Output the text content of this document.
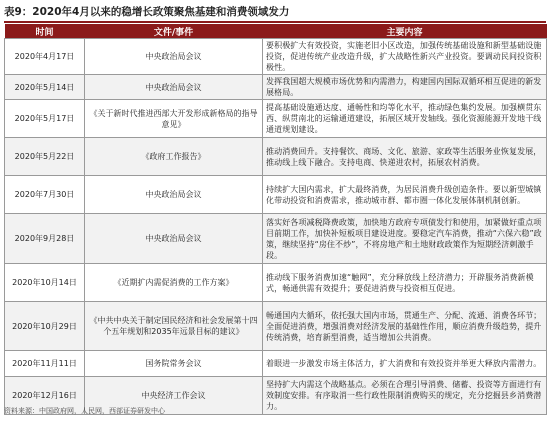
表9：2020年4月以来的稳增长政策聚焦基建和消费领域发力
时间	文件/事件	主要内容
2020年4月17日	中央政治局会议	要积极扩大有效投资，实施老旧小区改造，加强传统基础设施和新型基础设施投资，促进传统产业改造升级，扩大战略性新兴产业投资。要调动民间投资积极性。
2020年5月14日	中央政治局会议	发挥我国超大规模市场优势和内需潜力，构建国内国际双循环相互促进的新发展格局。
2020年5月17日	《关于新时代推进西部大开发形成新格局的指导意见》	提高基础设施通达度、通畅性和均等化水平，推动绿色集约发展。加强横贯东西、纵贯南北的运输通道建设，拓展区域开发轴线。强化资源能源开发地干线通道规划建设。
2020年5月22日	《政府工作报告》	推动消费回升。支持餐饮、商场、文化、旅游、家政等生活服务业恢复发展，推动线上线下融合。支持电商、快递进农村，拓展农村消费。
2020年7月30日	中央政治局会议	持续扩大国内需求，扩大最终消费，为居民消费升级创造条件。要以新型城镇化带动投资和消费需求，推动城市群、都市圈一体化发展体制机制创新。
2020年9月28日	中央政治局会议	落实好各项减税降费政策，加快地方政府专项债发行和使用，加紧做好重点项目前期工作，加快补短板项目建设进度。要稳定汽车消费，推动“六保六稳”政策，继续坚持“房住不炒”，不将房地产和土地财政政策作为短期经济刺激手段。
2020年10月14日	《近期扩内需促消费的工作方案》	推动线下服务消费加速“触网”，充分释放线上经济潜力；开辟服务消费新模式，畅通供需有效提升；要促进消费与投资相互促进。
2020年10月29日	《中共中央关于制定国民经济和社会发展第十四个五年规划和2035年远景目标的建议》	畅通国内大循环，依托强大国内市场，贯通生产、分配、流通、消费各环节；全面促进消费，增强消费对经济发展的基础性作用，顺应消费升级趋势，提升传统消费，培育新型消费，适当增加公共消费。
2020年11月11日	国务院常务会议	着眼进一步激发市场主体活力，扩大消费和有效投资并举更大释放内需潜力。
2020年12月16日	中央经济工作会议	坚持扩大内需这个战略基点。必须在合理引导消费、储蓄、投资等方面进行有效制度安排。有序取消一些行政性限制消费购买的规定，充分挖掘县乡消费潜力。
资料来源：中国政府网，人民网，西部证券研发中心
